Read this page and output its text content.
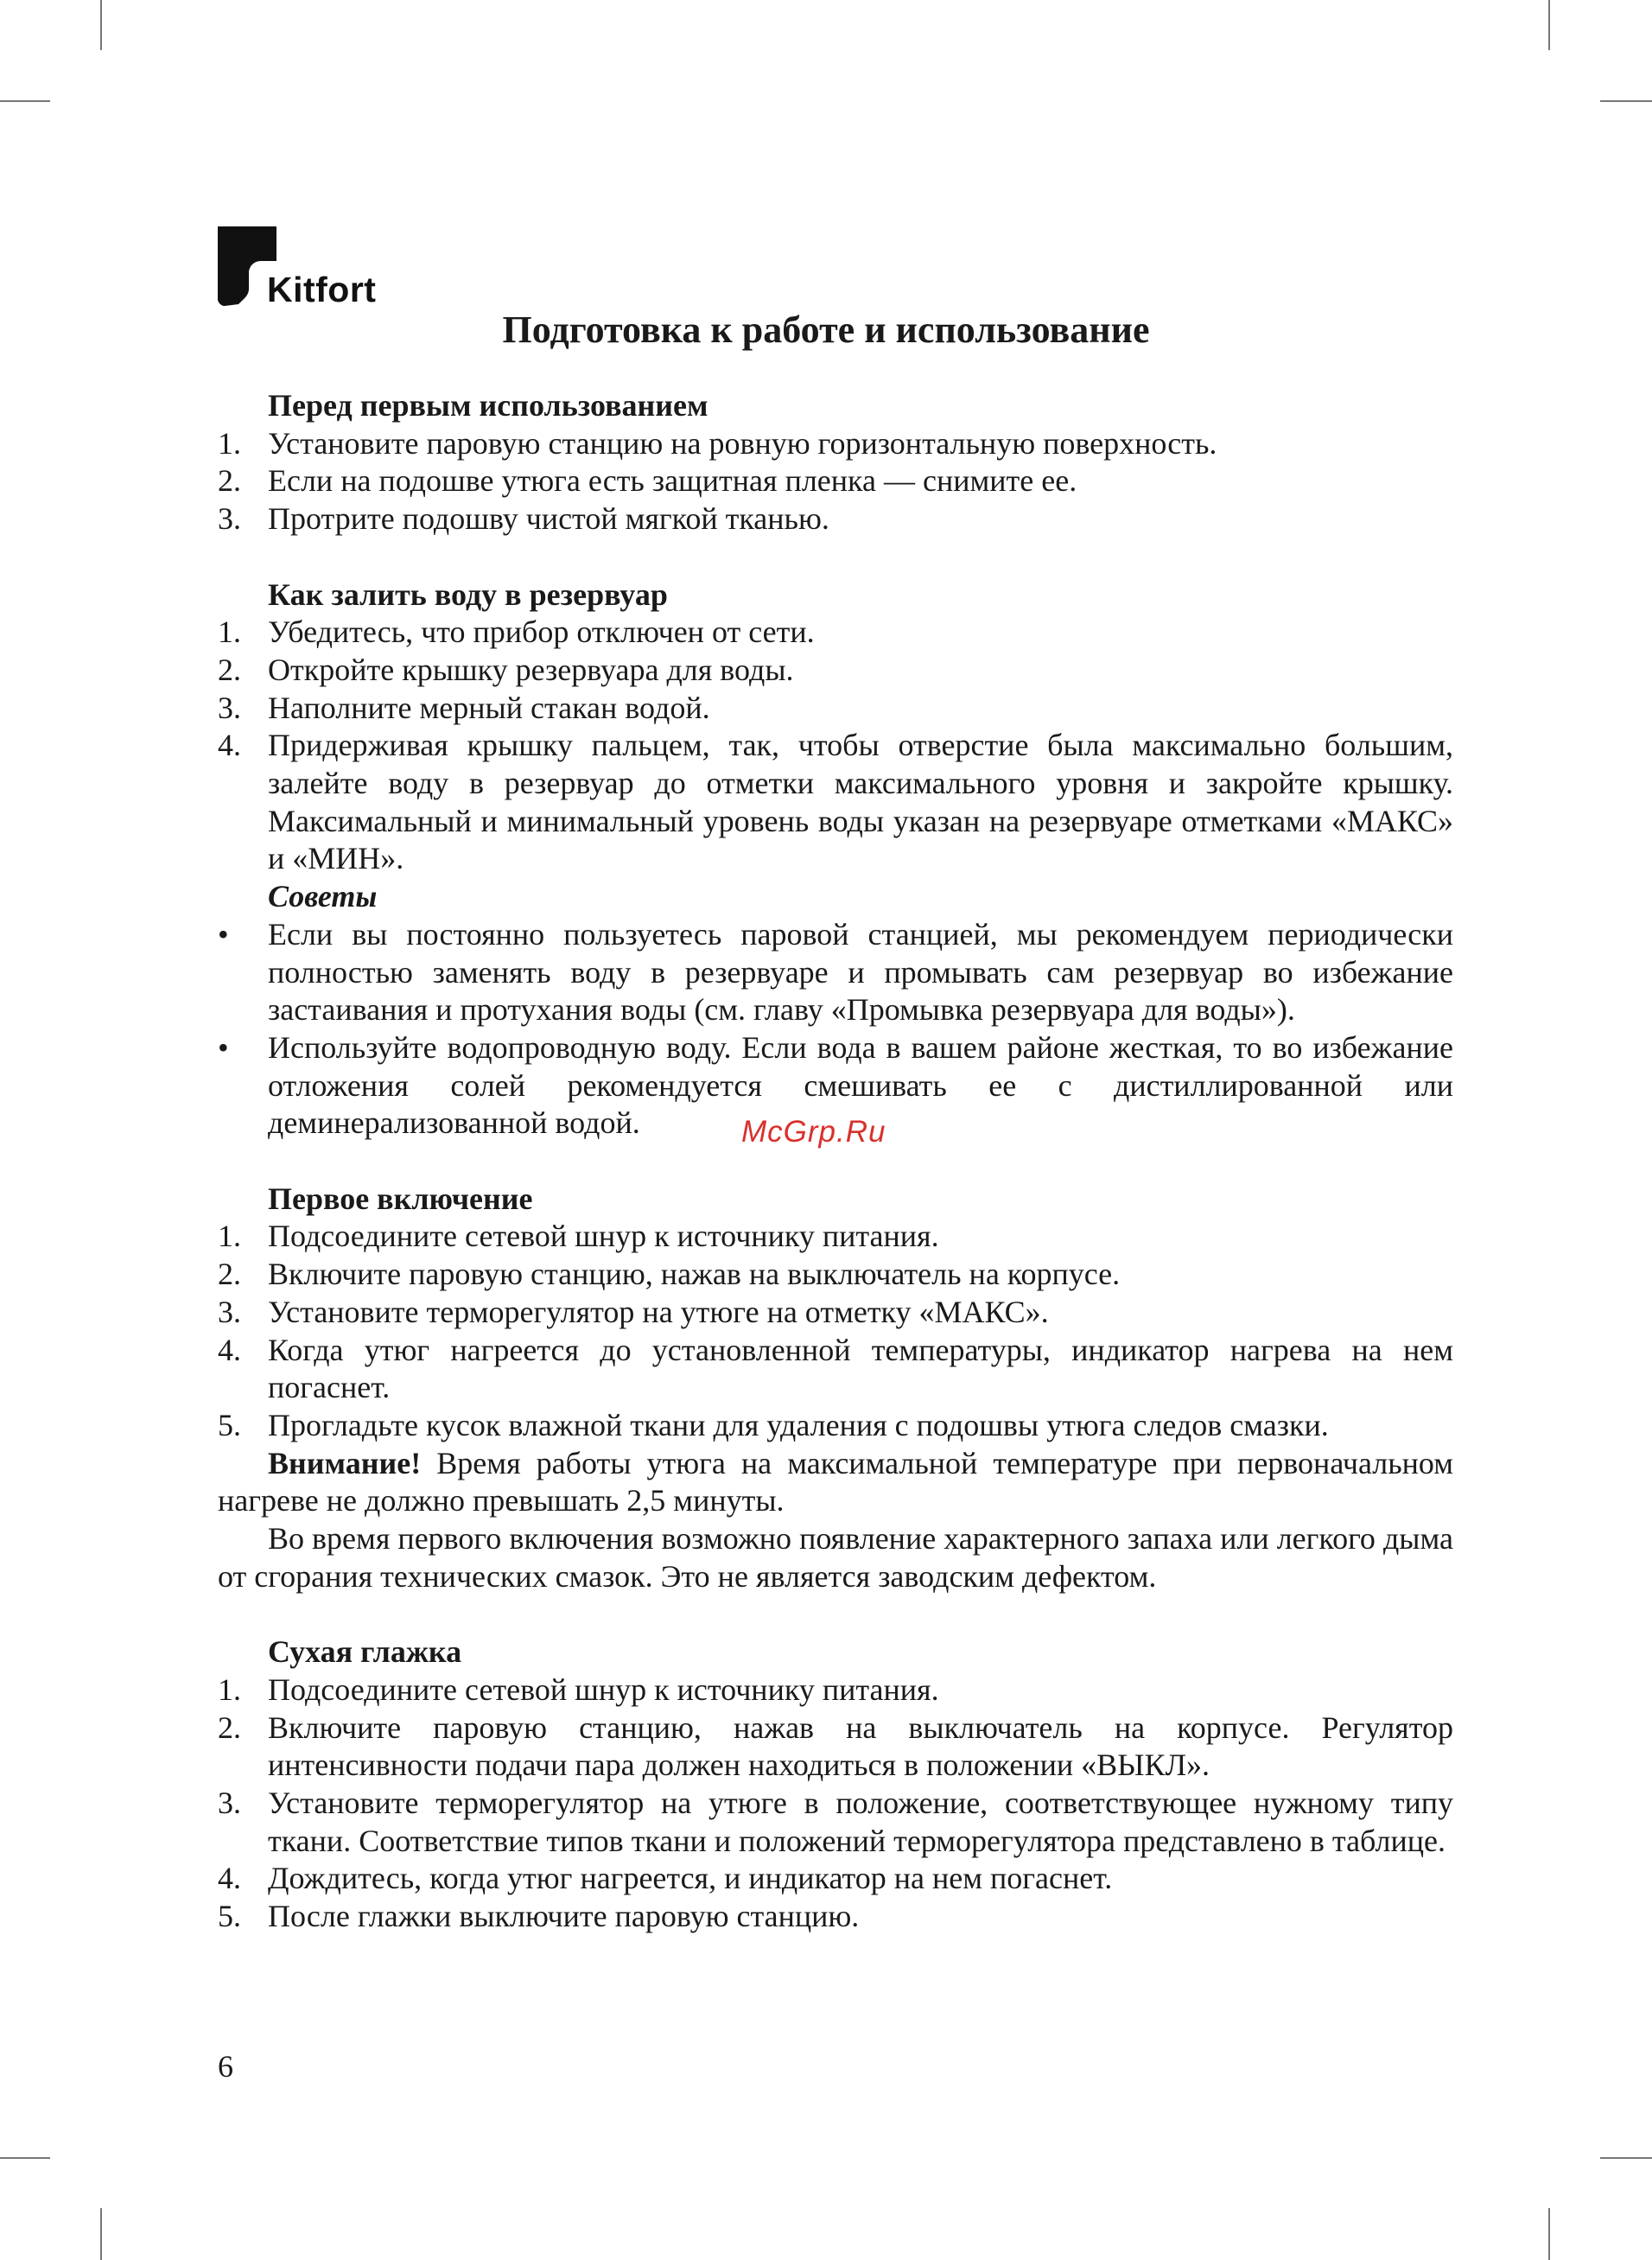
Kitfort
Подготовка к работе и использование
Перед первым использованием
1. Установите паровую станцию на ровную горизонтальную поверхность.
2. Если на подошве утюга есть защитная пленка — снимите ее.
3. Протрите подошву чистой мягкой тканью.
Как залить воду в резервуар
1. Убедитесь, что прибор отключен от сети.
2. Откройте крышку резервуара для воды.
3. Наполните мерный стакан водой.
4. Придерживая крышку пальцем, так, чтобы отверстие была максимально большим, залейте воду в резервуар до отметки максимального уровня и закройте крышку. Максимальный и минимальный уровень воды указан на резервуаре отметками «МАКС» и «МИН».
Советы
• Если вы постоянно пользуетесь паровой станцией, мы рекомендуем периодически полностью заменять воду в резервуаре и промывать сам резервуар во избежание застаивания и протухания воды (см. главу «Промывка резервуара для воды»).
• Используйте водопроводную воду. Если вода в вашем районе жесткая, то во избежание отложения солей рекомендуется смешивать ее с дистиллированной или деминерализованной водой.
Первое включение
1. Подсоедините сетевой шнур к источнику питания.
2. Включите паровую станцию, нажав на выключатель на корпусе.
3. Установите терморегулятор на утюге на отметку «МАКС».
4. Когда утюг нагреется до установленной температуры, индикатор нагрева на нем погаснет.
5. Прогладьте кусок влажной ткани для удаления с подошвы утюга следов смазки.
Внимание! Время работы утюга на максимальной температуре при первоначальном нагреве не должно превышать 2,5 минуты.
Во время первого включения возможно появление характерного запаха или легкого дыма от сгорания технических смазок. Это не является заводским дефектом.
Сухая глажка
1. Подсоедините сетевой шнур к источнику питания.
2. Включите паровую станцию, нажав на выключатель на корпусе. Регулятор интенсивности подачи пара должен находиться в положении «ВЫКЛ».
3. Установите терморегулятор на утюге в положение, соответствующее нужному типу ткани. Соответствие типов ткани и положений терморегулятора представлено в таблице.
4. Дождитесь, когда утюг нагреется, и индикатор на нем погаснет.
5. После глажки выключите паровую станцию.
McGrp.Ru
6
